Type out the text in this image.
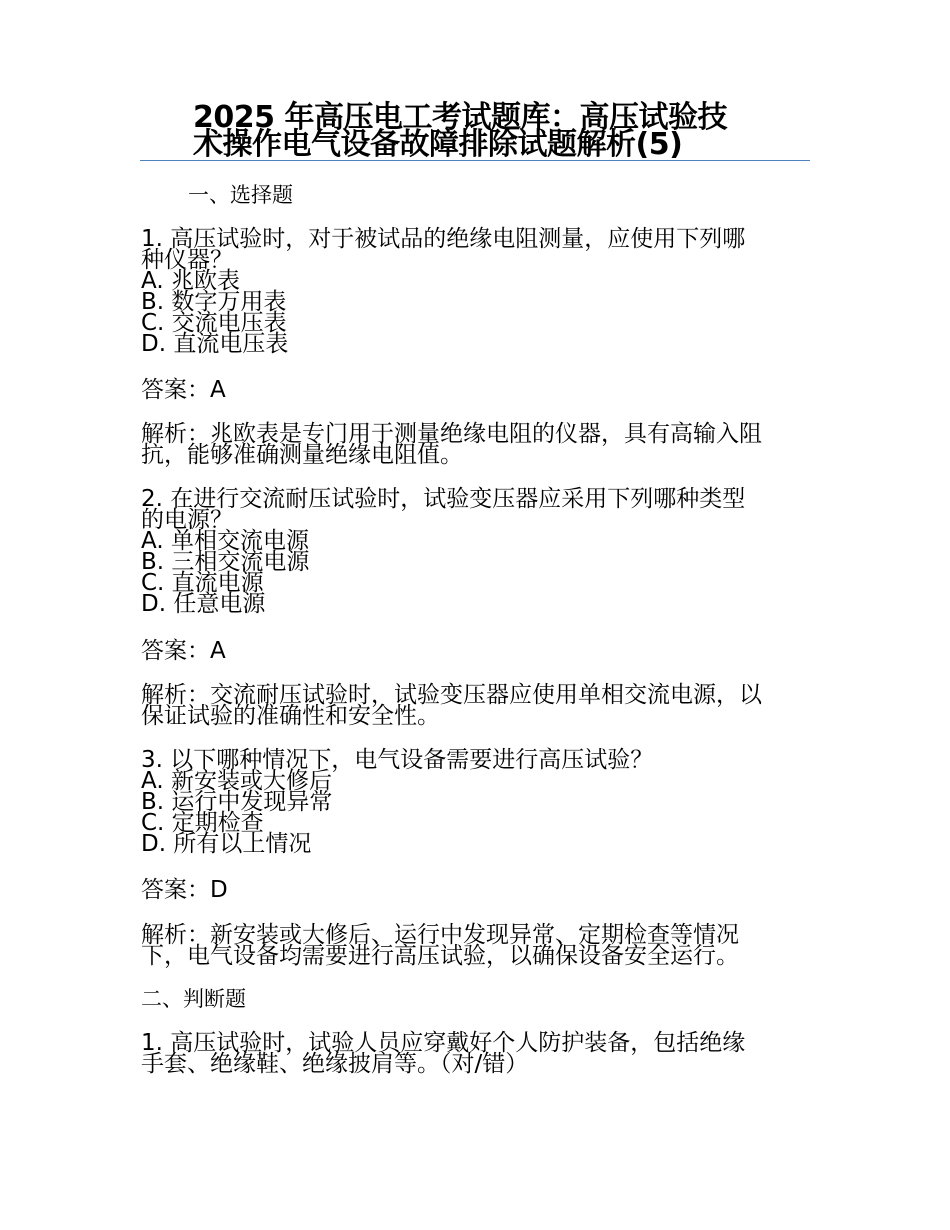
2025 年高压电工考试题库：高压试验技
术操作电气设备故障排除试题解析(5)
一、选择题
1. 高压试验时，对于被试品的绝缘电阻测量，应使用下列哪
种仪器？
A. 兆欧表
B. 数字万用表
C. 交流电压表
D. 直流电压表
答案：A
解析：兆欧表是专门用于测量绝缘电阻的仪器，具有高输入阻
抗，能够准确测量绝缘电阻值。
2. 在进行交流耐压试验时，试验变压器应采用下列哪种类型
的电源？
A. 单相交流电源
B. 三相交流电源
C. 直流电源
D. 任意电源
答案：A
解析：交流耐压试验时，试验变压器应使用单相交流电源，以
保证试验的准确性和安全性。
3. 以下哪种情况下，电气设备需要进行高压试验？
A. 新安装或大修后
B. 运行中发现异常
C. 定期检查
D. 所有以上情况
答案：D
解析：新安装或大修后、运行中发现异常、定期检查等情况
下，电气设备均需要进行高压试验，以确保设备安全运行。
二、判断题
1. 高压试验时，试验人员应穿戴好个人防护装备，包括绝缘
手套、绝缘鞋、绝缘披肩等。（对/错）
